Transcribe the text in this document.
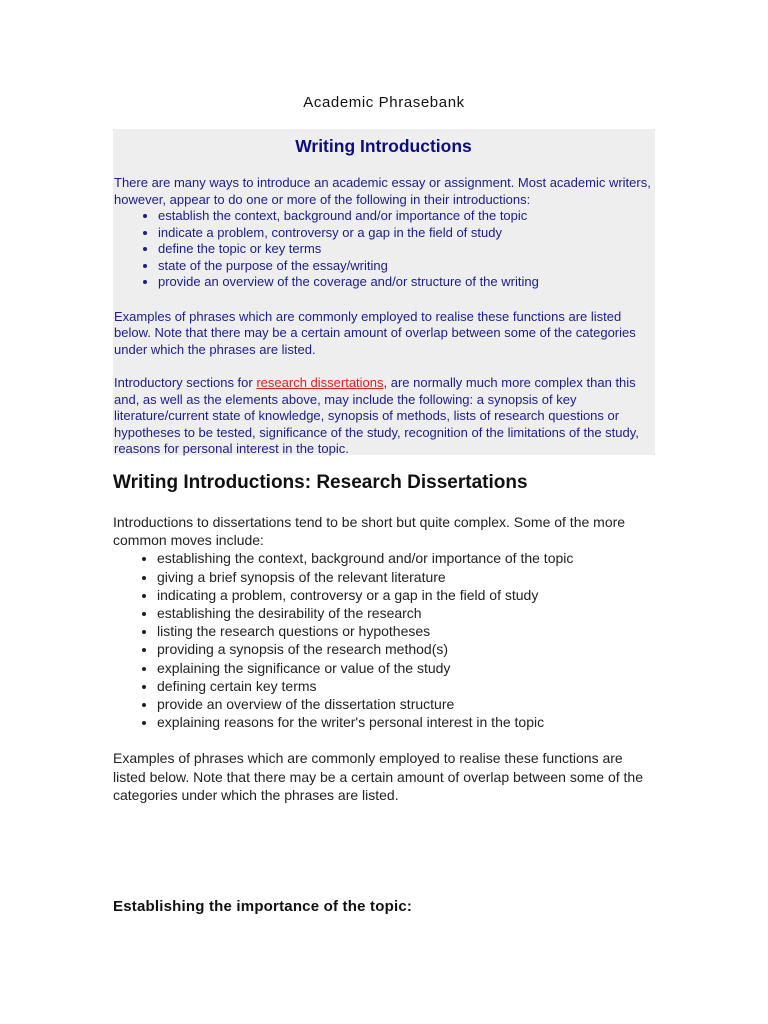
Academic Phrasebank
Writing Introductions

There are many ways to introduce an academic essay or assignment. Most academic writers, however, appear to do one or more of the following in their introductions:

• establish the context, background and/or importance of the topic
• indicate a problem, controversy or a gap in the field of study
• define the topic or key terms
• state of the purpose of the essay/writing
• provide an overview of the coverage and/or structure of the writing

Examples of phrases which are commonly employed to realise these functions are listed below. Note that there may be a certain amount of overlap between some of the categories under which the phrases are listed.

Introductory sections for research dissertations, are normally much more complex than this and, as well as the elements above, may include the following: a synopsis of key literature/current state of knowledge, synopsis of methods, lists of research questions or hypotheses to be tested, significance of the study, recognition of the limitations of the study, reasons for personal interest in the topic.

Writing Introductions: Research Dissertations

Introductions to dissertations tend to be short but quite complex. Some of the more common moves include:

• establishing the context, background and/or importance of the topic
• giving a brief synopsis of the relevant literature
• indicating a problem, controversy or a gap in the field of study
• establishing the desirability of the research
• listing the research questions or hypotheses
• providing a synopsis of the research method(s)
• explaining the significance or value of the study
• defining certain key terms
• provide an overview of the dissertation structure
• explaining reasons for the writer's personal interest in the topic

Examples of phrases which are commonly employed to realise these functions are listed below. Note that there may be a certain amount of overlap between some of the categories under which the phrases are listed.

Establishing the importance of the topic:
